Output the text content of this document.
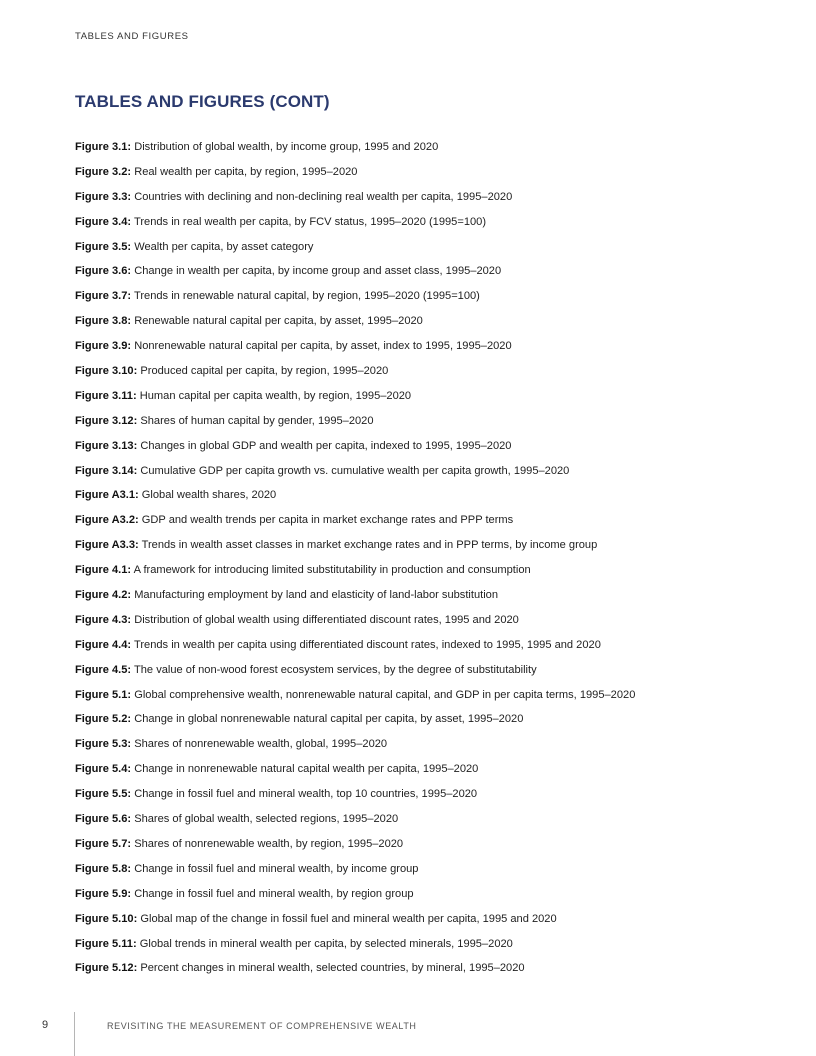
TABLES AND FIGURES
TABLES AND FIGURES (CONT)
Figure 3.1: Distribution of global wealth, by income group, 1995 and 2020
Figure 3.2: Real wealth per capita, by region, 1995–2020
Figure 3.3: Countries with declining and non-declining real wealth per capita, 1995–2020
Figure 3.4: Trends in real wealth per capita, by FCV status, 1995–2020 (1995=100)
Figure 3.5: Wealth per capita, by asset category
Figure 3.6: Change in wealth per capita, by income group and asset class, 1995–2020
Figure 3.7: Trends in renewable natural capital, by region, 1995–2020 (1995=100)
Figure 3.8: Renewable natural capital per capita, by asset, 1995–2020
Figure 3.9: Nonrenewable natural capital per capita, by asset, index to 1995, 1995–2020
Figure 3.10: Produced capital per capita, by region, 1995–2020
Figure 3.11: Human capital per capita wealth, by region, 1995–2020
Figure 3.12: Shares of human capital by gender, 1995–2020
Figure 3.13: Changes in global GDP and wealth per capita, indexed to 1995, 1995–2020
Figure 3.14: Cumulative GDP per capita growth vs. cumulative wealth per capita growth, 1995–2020
Figure A3.1: Global wealth shares, 2020
Figure A3.2: GDP and wealth trends per capita in market exchange rates and PPP terms
Figure A3.3: Trends in wealth asset classes in market exchange rates and in PPP terms, by income group
Figure 4.1: A framework for introducing limited substitutability in production and consumption
Figure 4.2: Manufacturing employment by land and elasticity of land-labor substitution
Figure 4.3: Distribution of global wealth using differentiated discount rates, 1995 and 2020
Figure 4.4: Trends in wealth per capita using differentiated discount rates, indexed to 1995, 1995 and 2020
Figure 4.5: The value of non-wood forest ecosystem services, by the degree of substitutability
Figure 5.1: Global comprehensive wealth, nonrenewable natural capital, and GDP in per capita terms, 1995–2020
Figure 5.2: Change in global nonrenewable natural capital per capita, by asset, 1995–2020
Figure 5.3: Shares of nonrenewable wealth, global, 1995–2020
Figure 5.4: Change in nonrenewable natural capital wealth per capita, 1995–2020
Figure 5.5: Change in fossil fuel and mineral wealth, top 10 countries, 1995–2020
Figure 5.6: Shares of global wealth, selected regions, 1995–2020
Figure 5.7: Shares of nonrenewable wealth, by region, 1995–2020
Figure 5.8: Change in fossil fuel and mineral wealth, by income group
Figure 5.9: Change in fossil fuel and mineral wealth, by region group
Figure 5.10: Global map of the change in fossil fuel and mineral wealth per capita, 1995 and 2020
Figure 5.11: Global trends in mineral wealth per capita, by selected minerals, 1995–2020
Figure 5.12: Percent changes in mineral wealth, selected countries, by mineral, 1995–2020
9	REVISITING THE MEASUREMENT OF COMPREHENSIVE WEALTH
